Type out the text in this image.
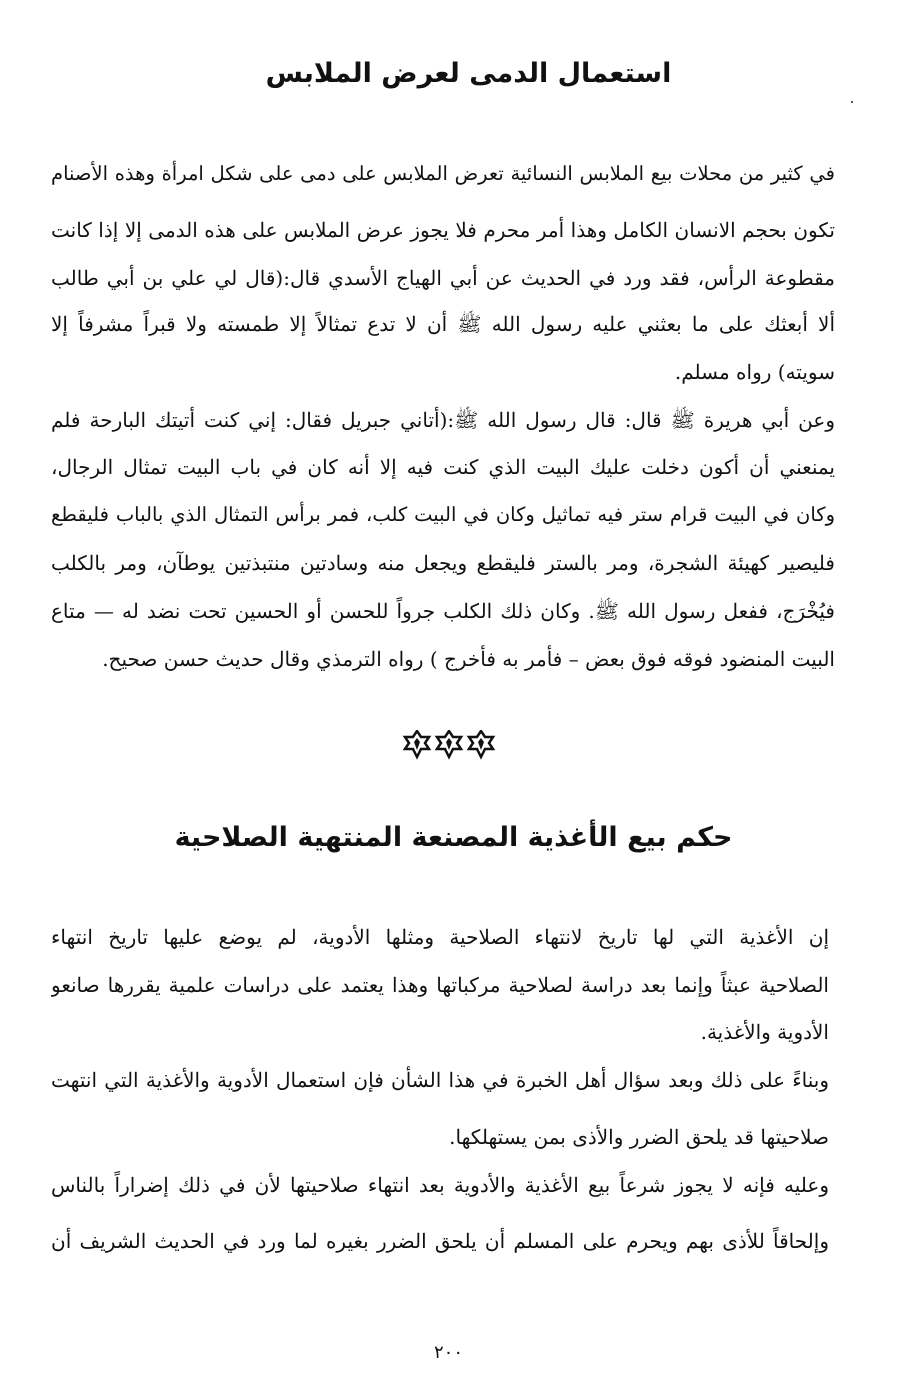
استعمال الدمى لعرض الملابس
في كثير من محلات بيع الملابس النسائية تعرض الملابس على دمى على شكل امرأة وهذه الأصنام
تكون بحجم الانسان الكامل وهذا أمر محرم فلا يجوز عرض الملابس على هذه الدمى إلا إذا كانت
مقطوعة الرأس، فقد ورد في الحديث عن أبي الهياج الأسدي قال:(قال لي علي بن أبي طالب
ألا أبعثك على ما بعثني عليه رسول الله ﷺ أن لا تدع تمثالاً إلا طمسته ولا قبراً مشرفاً إلا
سويته) رواه مسلم.
وعن أبي هريرة ﷺ قال: قال رسول الله ﷺ:(أتاني جبريل فقال: إني كنت أتيتك البارحة فلم
يمنعني أن أكون دخلت عليك البيت الذي كنت فيه إلا أنه كان في باب البيت تمثال الرجال،
وكان في البيت قرام ستر فيه تماثيل وكان في البيت كلب، فمر برأس التمثال الذي بالباب فليقطع
فليصير كهيئة الشجرة، ومر بالستر فليقطع ويجعل منه وسادتين منتبذتين يوطآن، ومر بالكلب
فيُخْرَج، ففعل رسول الله ﷺ. وكان ذلك الكلب جرواً للحسن أو الحسين تحت نضد له — متاع
البيت المنضود فوقه فوق بعض – فأمر به فأخرج ) رواه الترمذي وقال حديث حسن صحيح.
حكم بيع الأغذية المصنعة المنتهية الصلاحية
إن الأغذية التي لها تاريخ لانتهاء الصلاحية ومثلها الأدوية، لم يوضع عليها تاريخ انتهاء
الصلاحية عبثاً وإنما بعد دراسة لصلاحية مركباتها وهذا يعتمد على دراسات علمية يقررها صانعو
الأدوية والأغذية.
وبناءً على ذلك وبعد سؤال أهل الخبرة في هذا الشأن فإن استعمال الأدوية والأغذية التي انتهت
صلاحيتها قد يلحق الضرر والأذى بمن يستهلكها.
وعليه فإنه لا يجوز شرعاً بيع الأغذية والأدوية بعد انتهاء صلاحيتها لأن في ذلك إضراراً بالناس
وإلحاقاً للأذى بهم ويحرم على المسلم أن يلحق الضرر بغيره لما ورد في الحديث الشريف أن
٢٠٠
